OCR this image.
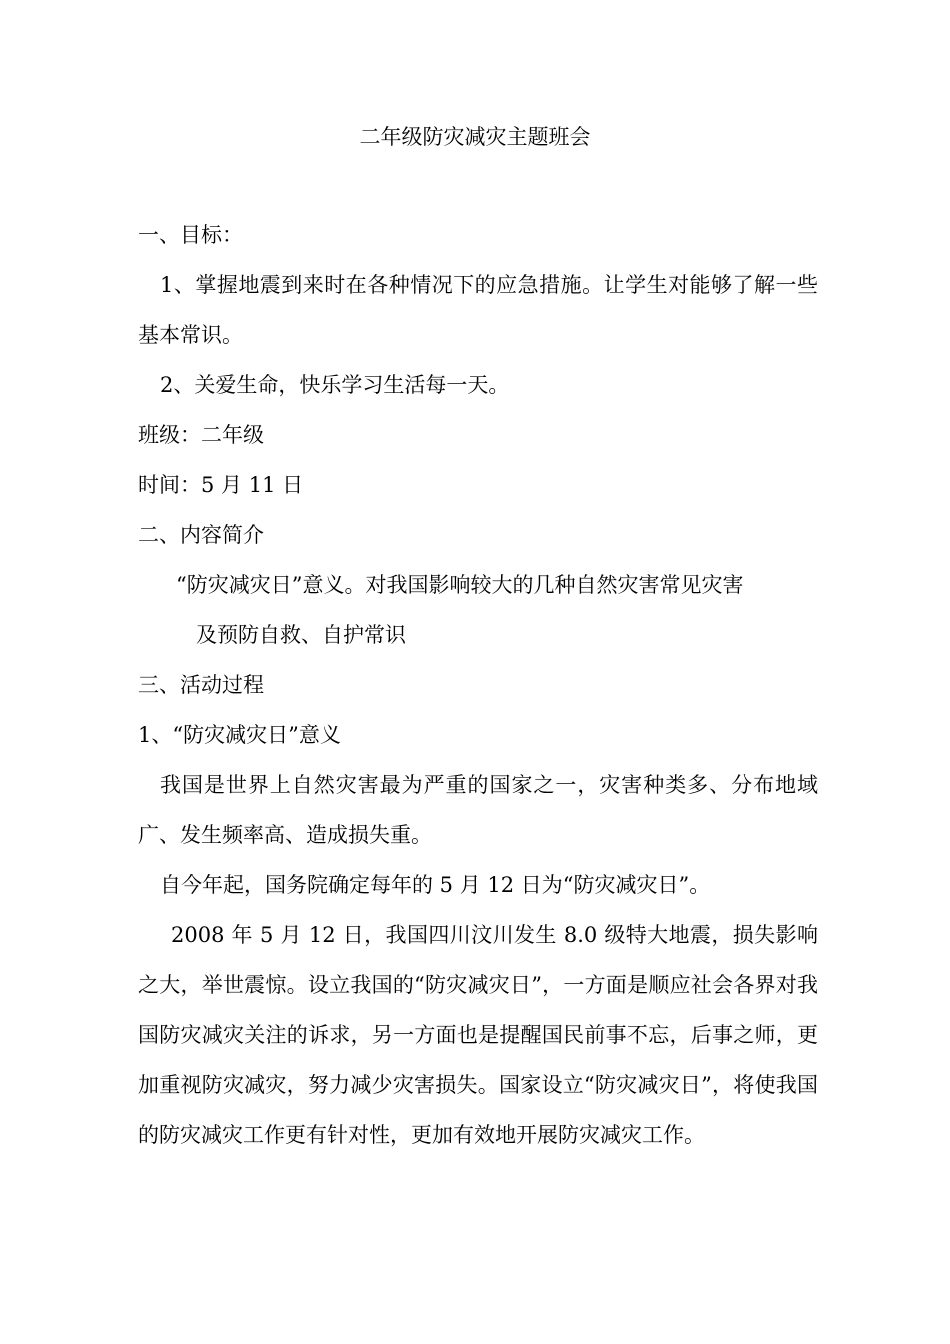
二年级防灾减灾主题班会
一、目标：

1、掌握地震到来时在各种情况下的应急措施。让学生对能够了解一些基本常识。

2、关爱生命，快乐学习生活每一天。
班级：二年级
时间：5 月 11 日
二、内容简介
“防灾减灾日”意义。对我国影响较大的几种自然灾害常见灾害
及预防自救、自护常识
三、活动过程
1、“防灾减灾日”意义

我国是世界上自然灾害最为严重的国家之一，灾害种类多、分布地域广、发生频率高、造成损失重。

自今年起，国务院确定每年的 5 月 12 日为“防灾减灾日”。

2008 年 5 月 12 日，我国四川汶川发生 8.0 级特大地震，损失影响之大，举世震惊。设立我国的“防灾减灾日”，一方面是顺应社会各界对我国防灾减灾关注的诉求，另一方面也是提醒国民前事不忘，后事之师，更加重视防灾减灾，努力减少灾害损失。国家设立“防灾减灾日”，将使我国的防灾减灾工作更有针对性，更加有效地开展防灾减灾工作。
